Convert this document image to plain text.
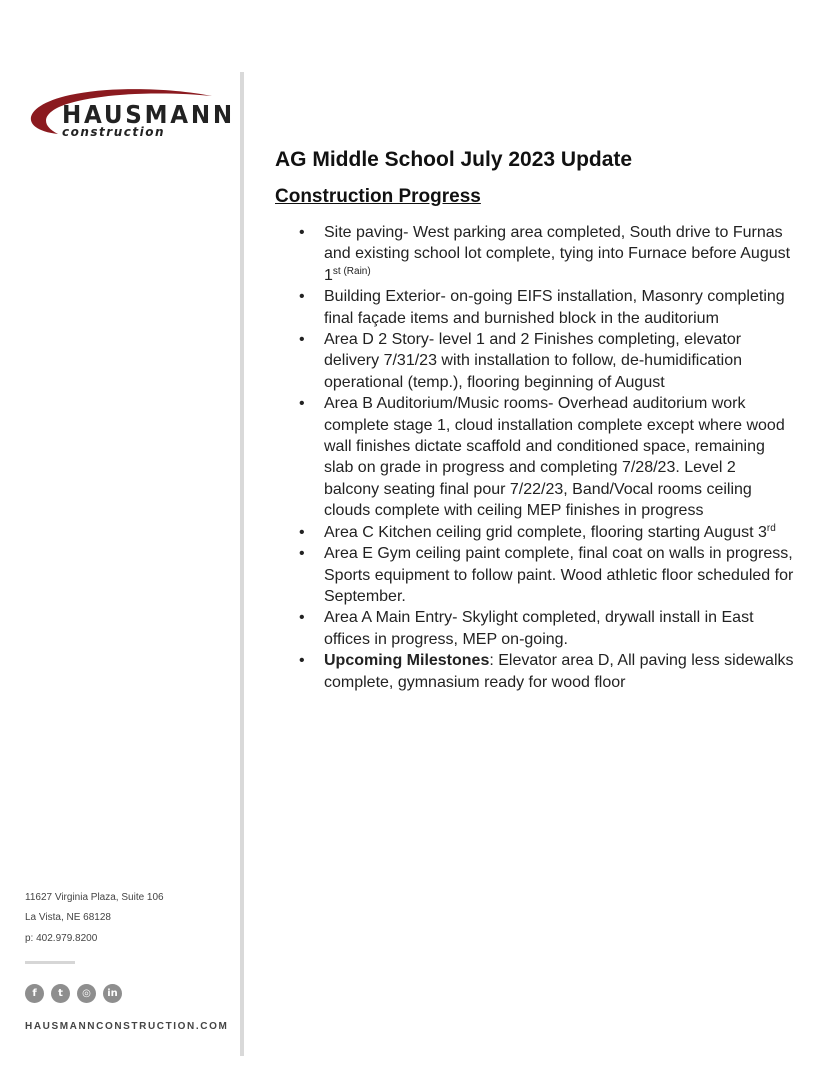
HAUSMANN
construction
AG Middle School July 2023 Update
Construction Progress
• Site paving- West parking area completed, South drive to Furnas and existing school lot complete, tying into Furnace before August $1^{st (Rain)}$
• Building Exterior- on-going EIFS installation, Masonry completing final façade items and burnished block in the auditorium
• Area D 2 Story- level 1 and 2 Finishes completing, elevator delivery 7/31/23 with installation to follow, de-humidification operational (temp.), flooring beginning of August
• Area B Auditorium/Music rooms- Overhead auditorium work complete stage 1, cloud installation complete except where wood wall finishes dictate scaffold and conditioned space, remaining slab on grade in progress and completing 7/28/23. Level 2 balcony seating final pour 7/22/23, Band/Vocal rooms ceiling clouds complete with ceiling MEP finishes in progress
• Area C Kitchen ceiling grid complete, flooring starting August 3rd
• Area E Gym ceiling paint complete, final coat on walls in progress, Sports equipment to follow paint. Wood athletic floor scheduled for September.
• Area A Main Entry- Skylight completed, drywall install in East offices in progress, MEP on-going.
• Upcoming Milestones: Elevator area D, All paving less sidewalks complete, gymnasium ready for wood floor
11627 Virginia Plaza, Suite 106
La Vista, NE 68128
p: 402.979.8200
f	t	◎	in
HAUSMANNCONSTRUCTION.COM
